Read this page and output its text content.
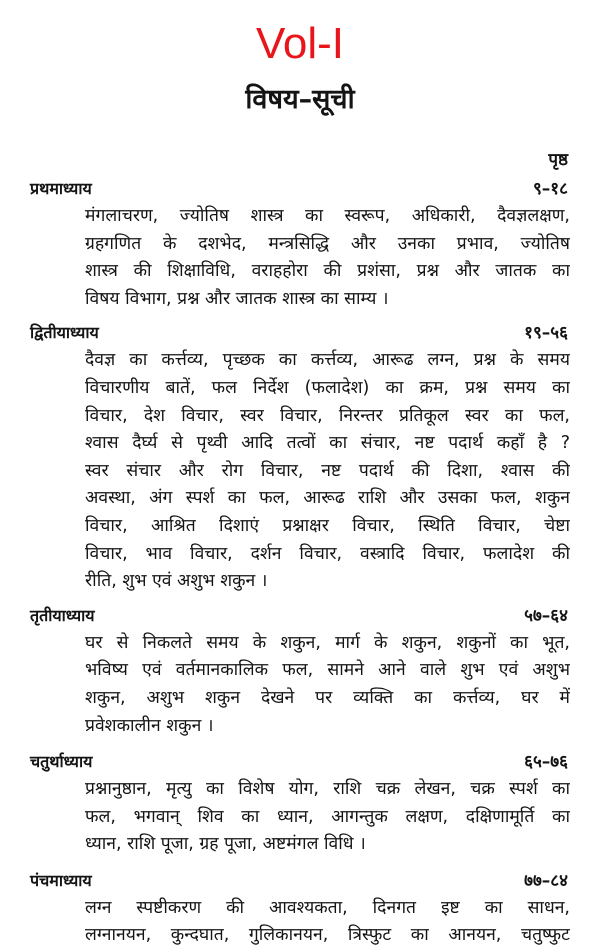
Vol-I
विषय–सूची
पृष्ठ
प्रथमाध्याय	९–१८
मंगलाचरण, ज्योतिष शास्त्र का स्वरूप, अधिकारी, दैवज्ञलक्षण,
ग्रहगणित के दशभेद, मन्त्रसिद्धि और उनका प्रभाव, ज्योतिष
शास्त्र की शिक्षाविधि, वराहहोरा की प्रशंसा, प्रश्न और जातक का
विषय विभाग, प्रश्न और जातक शास्त्र का साम्य ।
द्वितीयाध्याय	१९–५६
दैवज्ञ का कर्त्तव्य, पृच्छक का कर्त्तव्य, आरूढ लग्न, प्रश्न के समय
विचारणीय बातें, फल निर्देश (फलादेश) का क्रम, प्रश्न समय का
विचार, देश विचार, स्वर विचार, निरन्तर प्रतिकूल स्वर का फल,
श्वास दैर्घ्य से पृथ्वी आदि तत्वों का संचार, नष्ट पदार्थ कहाँ है ?
स्वर संचार और रोग विचार, नष्ट पदार्थ की दिशा, श्वास की
अवस्था, अंग स्पर्श का फल, आरूढ राशि और उसका फल, शकुन
विचार, आश्रित दिशाएं प्रश्नाक्षर विचार, स्थिति विचार, चेष्टा
विचार, भाव विचार, दर्शन विचार, वस्त्रादि विचार, फलादेश की
रीति, शुभ एवं अशुभ शकुन ।
तृतीयाध्याय	५७–६४
घर से निकलते समय के शकुन, मार्ग के शकुन, शकुनों का भूत,
भविष्य एवं वर्तमानकालिक फल, सामने आने वाले शुभ एवं अशुभ
शकुन, अशुभ शकुन देखने पर व्यक्ति का कर्त्तव्य, घर में
प्रवेशकालीन शकुन ।
चतुर्थाध्याय	६५–७६
प्रश्नानुष्ठान, मृत्यु का विशेष योग, राशि चक्र लेखन, चक्र स्पर्श का
फल, भगवान् शिव का ध्यान, आगन्तुक लक्षण, दक्षिणामूर्ति का
ध्यान, राशि पूजा, ग्रह पूजा, अष्टमंगल विधि ।
पंचमाध्याय	७७–८४
लग्न स्पष्टीकरण की आवश्यकता, दिनगत इष्ट का साधन,
लग्नानयन, कुन्दघात, गुलिकानयन, त्रिस्फुट का आनयन, चतुष्फुट
